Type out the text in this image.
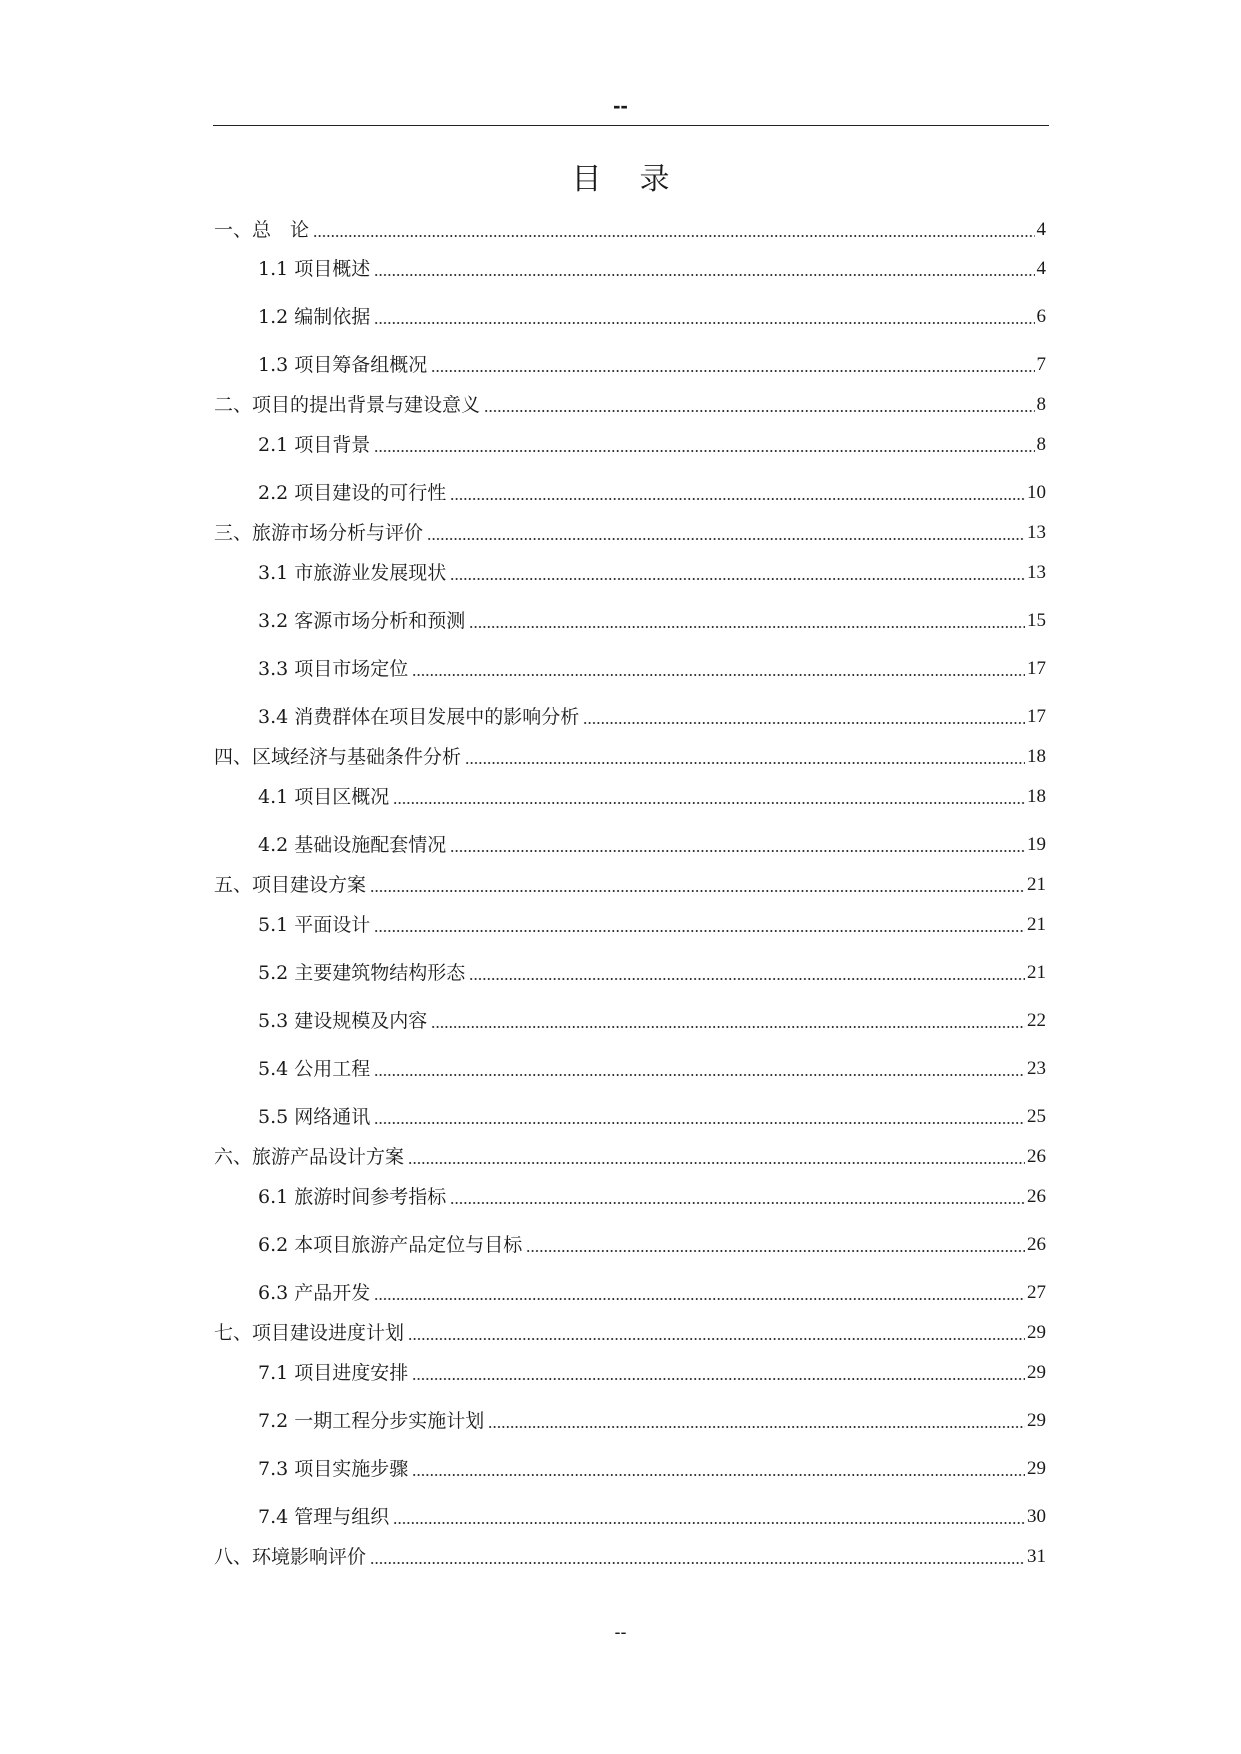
--
目录
一、总　论	4
1.1 项目概述	4
1.2 编制依据	6
1.3 项目筹备组概况	7
二、项目的提出背景与建设意义	8
2.1 项目背景	8
2.2 项目建设的可行性	10
三、旅游市场分析与评价	13
3.1 市旅游业发展现状	13
3.2 客源市场分析和预测	15
3.3 项目市场定位	17
3.4 消费群体在项目发展中的影响分析	17
四、区域经济与基础条件分析	18
4.1 项目区概况	18
4.2 基础设施配套情况	19
五、项目建设方案	21
5.1 平面设计	21
5.2 主要建筑物结构形态	21
5.3 建设规模及内容	22
5.4 公用工程	23
5.5 网络通讯	25
六、旅游产品设计方案	26
6.1 旅游时间参考指标	26
6.2 本项目旅游产品定位与目标	26
6.3 产品开发	27
七、项目建设进度计划	29
7.1 项目进度安排	29
7.2 一期工程分步实施计划	29
7.3 项目实施步骤	29
7.4 管理与组织	30
八、环境影响评价	31
--
